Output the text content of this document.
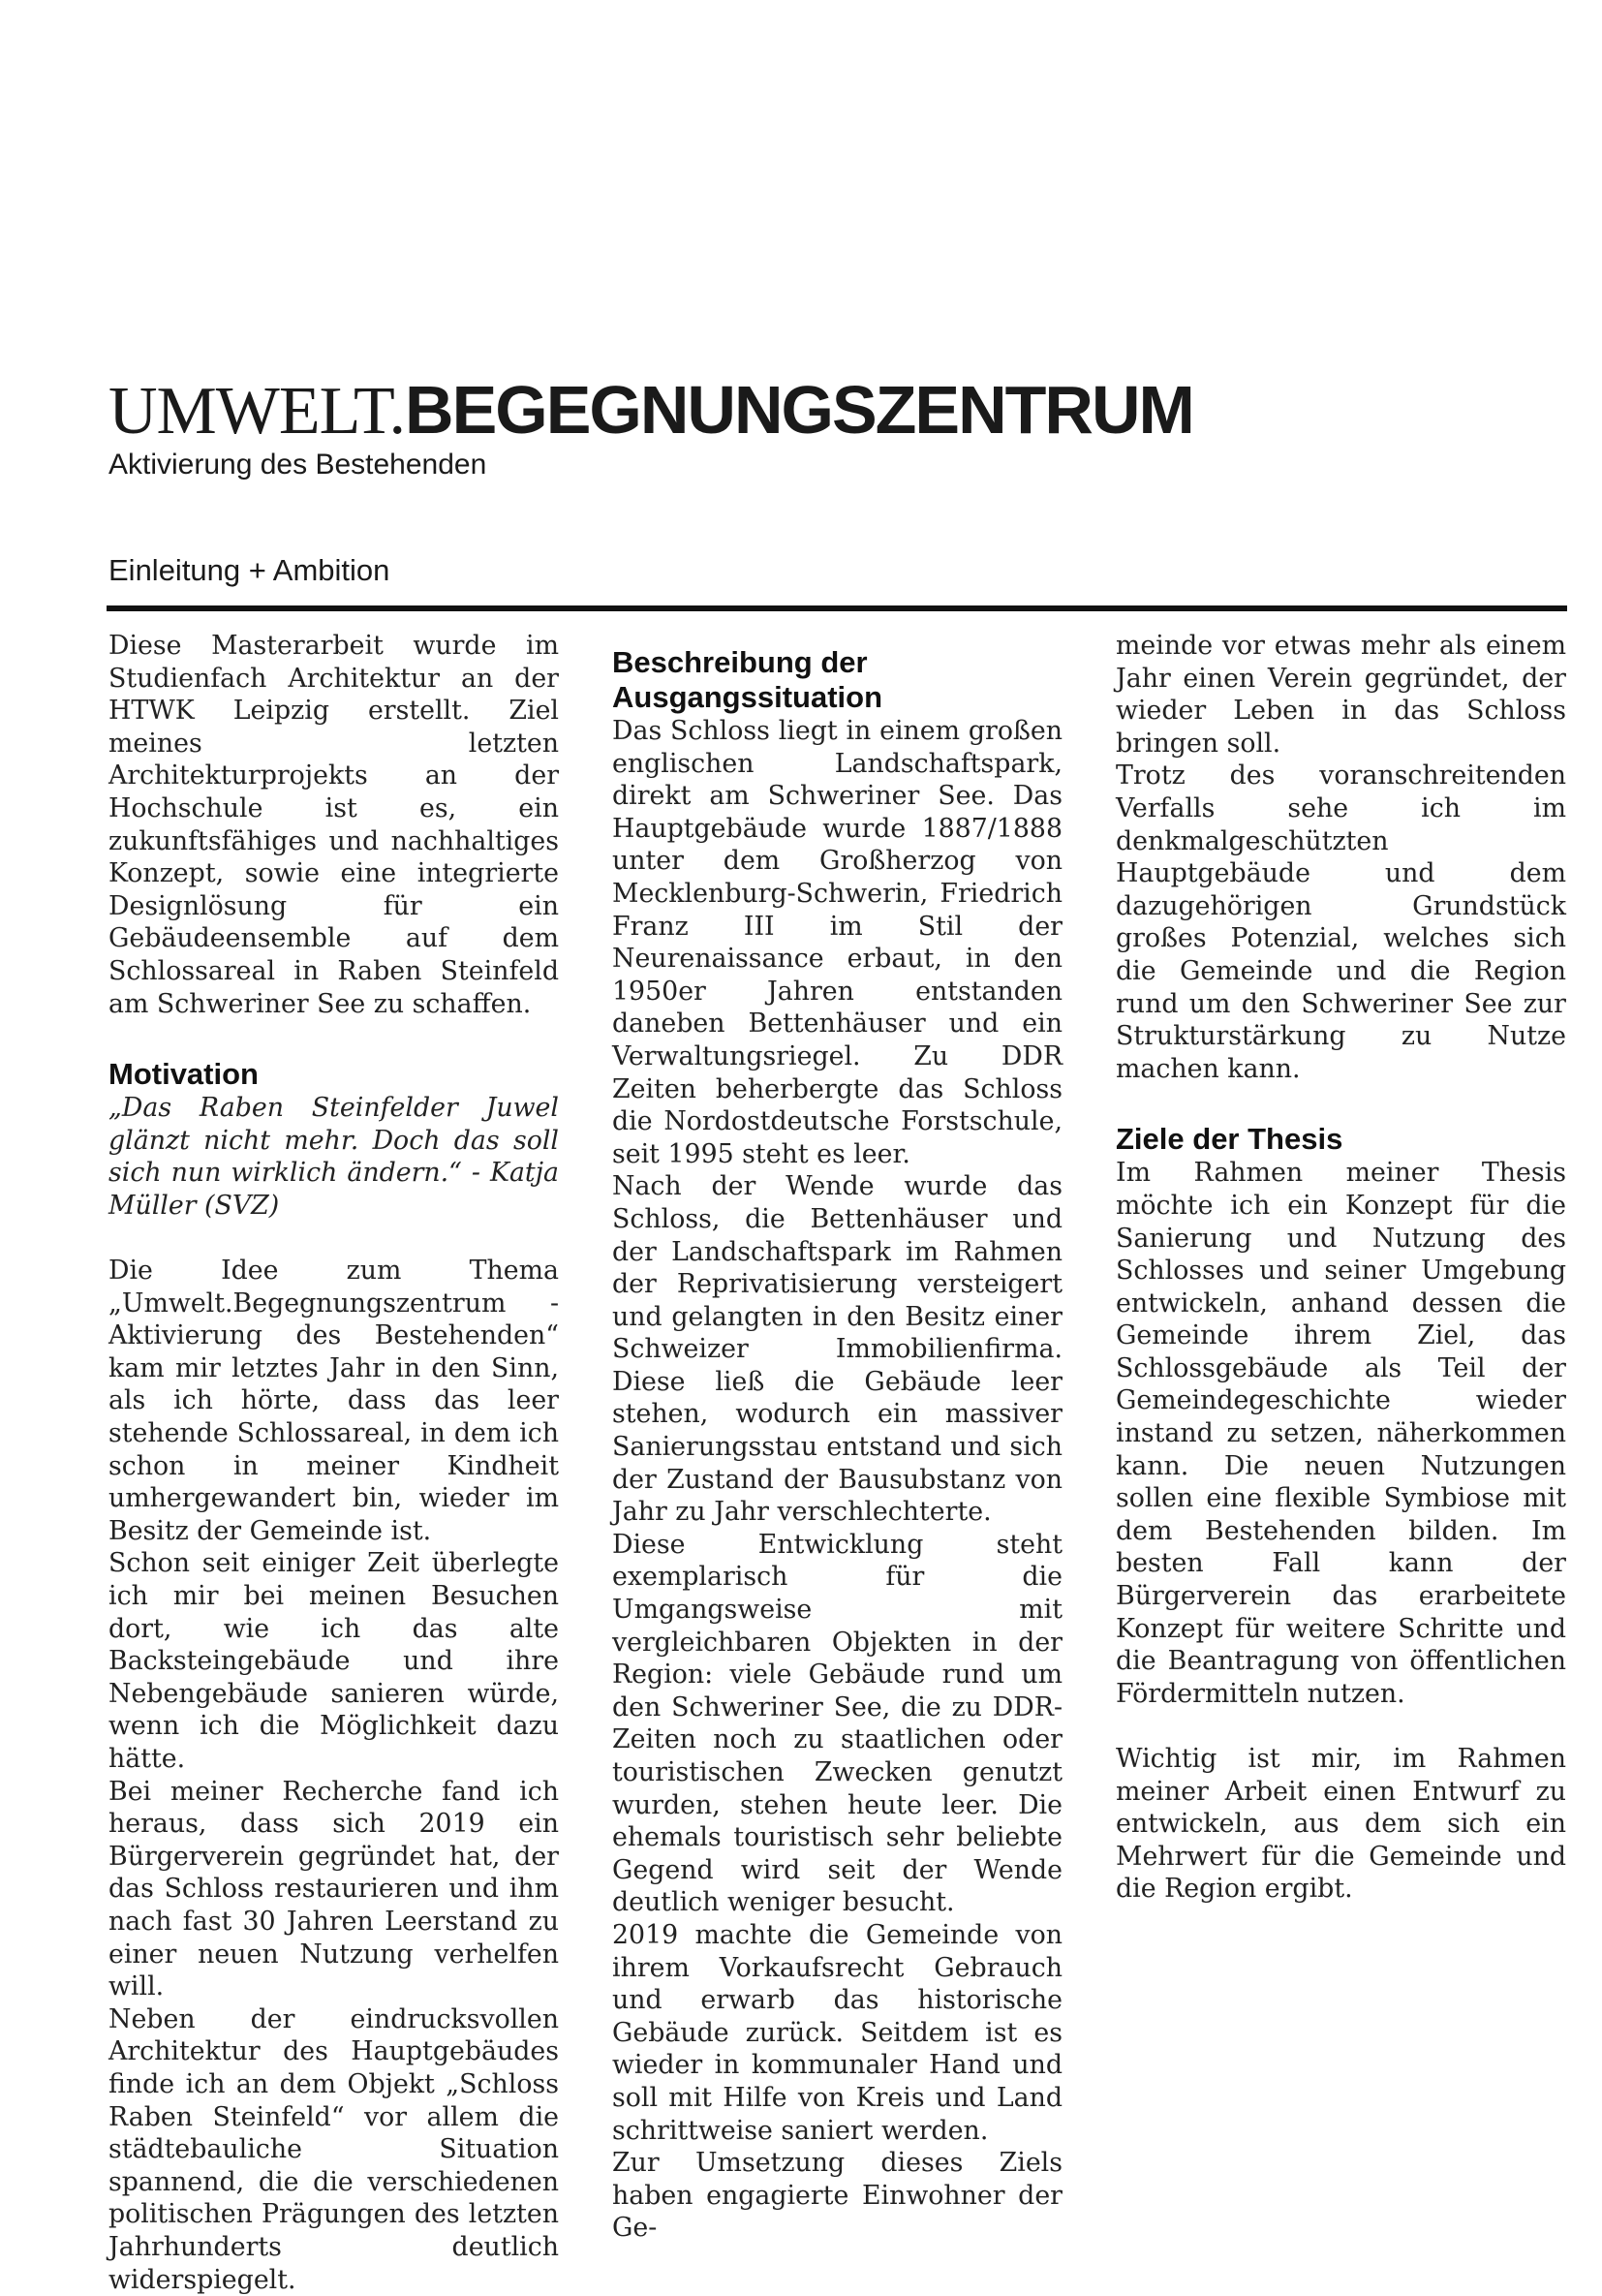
UMWELT.BEGEGNUNGSZENTRUM
Aktivierung des Bestehenden
Einleitung + Ambition

Diese Masterarbeit wurde im Studienfach Architektur an der HTWK Leipzig erstellt. Ziel meines letzten Architekturprojekts an der Hochschule ist es, ein zukunftsfähiges und nachhaltiges Konzept, sowie eine integrierte Designlösung für ein Gebäudeensemble auf dem Schlossareal in Raben Steinfeld am Schweriner See zu schaffen.

Motivation

„Das Raben Steinfelder Juwel glänzt nicht mehr. Doch das soll sich nun wirklich ändern.“ - Katja Müller (SVZ)

Die Idee zum Thema „Umwelt.Begegnungszentrum - Aktivierung des Bestehenden“ kam mir letztes Jahr in den Sinn, als ich hörte, dass das leer stehende Schlossareal, in dem ich schon in meiner Kindheit umhergewandert bin, wieder im Besitz der Gemeinde ist.

Schon seit einiger Zeit überlegte ich mir bei meinen Besuchen dort, wie ich das alte Backsteingebäude und ihre Nebengebäude sanieren würde, wenn ich die Möglichkeit dazu hätte.

Bei meiner Recherche fand ich heraus, dass sich 2019 ein Bürgerverein gegründet hat, der das Schloss restaurieren und ihm nach fast 30 Jahren Leerstand zu einer neuen Nutzung verhelfen will.

Neben der eindrucksvollen Architektur des Hauptgebäudes finde ich an dem Objekt „Schloss Raben Steinfeld“ vor allem die städtebauliche Situation spannend, die die verschiedenen politischen Prägungen des letzten Jahrhunderts deutlich widerspiegelt.

Beschreibung der Ausgangssituation

Das Schloss liegt in einem großen englischen Landschaftspark, direkt am Schweriner See. Das Hauptgebäude wurde 1887/1888 unter dem Großherzog von Mecklenburg-Schwerin, Friedrich Franz III im Stil der Neurenaissance erbaut, in den 1950er Jahren entstanden daneben Bettenhäuser und ein Verwaltungsriegel. Zu DDR Zeiten beherbergte das Schloss die Nordostdeutsche Forstschule, seit 1995 steht es leer.

Nach der Wende wurde das Schloss, die Bettenhäuser und der Landschaftspark im Rahmen der Reprivatisierung versteigert und gelangten in den Besitz einer Schweizer Immobilienfirma. Diese ließ die Gebäude leer stehen, wodurch ein massiver Sanierungsstau entstand und sich der Zustand der Bausubstanz von Jahr zu Jahr verschlechterte.

Diese Entwicklung steht exemplarisch für die Umgangsweise mit vergleichbaren Objekten in der Region: viele Gebäude rund um den Schweriner See, die zu DDR-Zeiten noch zu staatlichen oder touristischen Zwecken genutzt wurden, stehen heute leer. Die ehemals touristisch sehr beliebte Gegend wird seit der Wende deutlich weniger besucht.

2019 machte die Gemeinde von ihrem Vorkaufsrecht Gebrauch und erwarb das historische Gebäude zurück. Seitdem ist es wieder in kommunaler Hand und soll mit Hilfe von Kreis und Land schrittweise saniert werden.

Zur Umsetzung dieses Ziels haben engagierte Einwohner der Ge-

meinde vor etwas mehr als einem Jahr einen Verein gegründet, der wieder Leben in das Schloss bringen soll.

Trotz des voranschreitenden Verfalls sehe ich im denkmalgeschützten Hauptgebäude und dem dazugehörigen Grundstück großes Potenzial, welches sich die Gemeinde und die Region rund um den Schweriner See zur Strukturstärkung zu Nutze machen kann.

Ziele der Thesis

Im Rahmen meiner Thesis möchte ich ein Konzept für die Sanierung und Nutzung des Schlosses und seiner Umgebung entwickeln, anhand dessen die Gemeinde ihrem Ziel, das Schlossgebäude als Teil der Gemeindegeschichte wieder instand zu setzen, näherkommen kann. Die neuen Nutzungen sollen eine flexible Symbiose mit dem Bestehenden bilden. Im besten Fall kann der Bürgerverein das erarbeitete Konzept für weitere Schritte und die Beantragung von öffentlichen Fördermitteln nutzen.

Wichtig ist mir, im Rahmen meiner Arbeit einen Entwurf zu entwickeln, aus dem sich ein Mehrwert für die Gemeinde und die Region ergibt.
